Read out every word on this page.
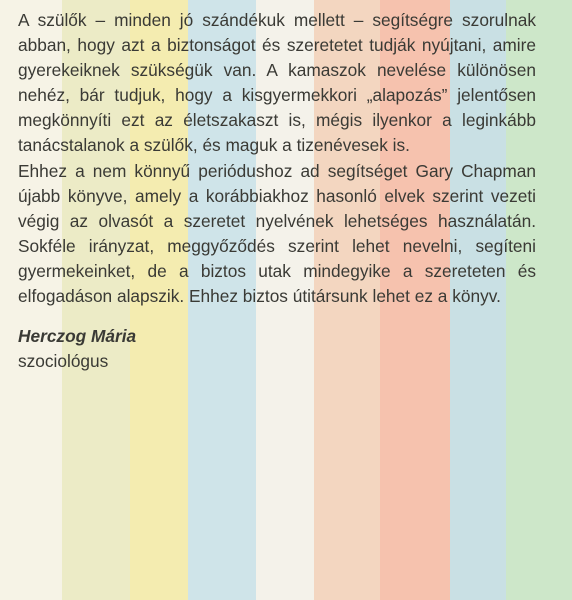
A szülők – minden jó szándékuk mellett – segítségre szorulnak abban, hogy azt a biztonságot és szeretetet tudják nyújtani, amire gyerekeiknek szükségük van. A kamaszok nevelése különösen nehéz, bár tudjuk, hogy a kisgyermekkori „alapozás” jelentősen megkönnyíti ezt az életszakaszt is, mégis ilyenkor a leginkább tanácstalanok a szülők, és maguk a tizenévesek is.

Ehhez a nem könnyű periódushoz ad segítséget Gary Chapman újabb könyve, amely a korábbiakhoz hasonló elvek szerint vezeti végig az olvasót a szeretet nyelvének lehetséges használatán. Sokféle irányzat, meggyőződés szerint lehet nevelni, segíteni gyermekeinket, de a biztos utak mindegyike a szereteten és elfogadáson alapszik. Ehhez biztos útitársunk lehet ez a könyv.

Herczog Mária
szociológus
